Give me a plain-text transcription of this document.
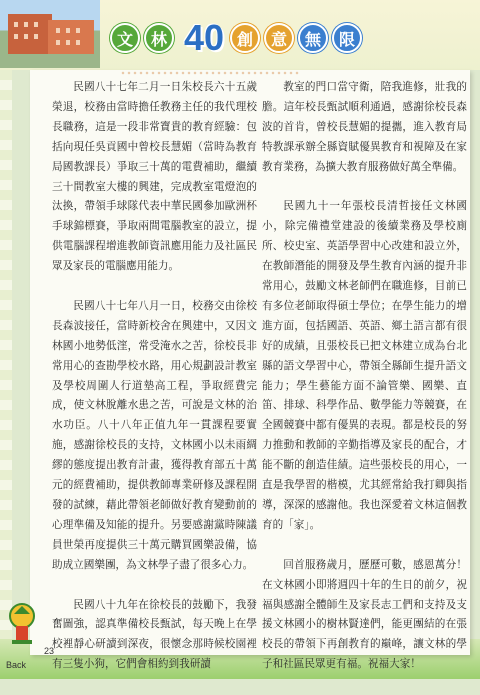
文	林 40 創	意	無	限

民國八十七年二月一日朱校長六十五歲榮退，校務由當時擔任教務主任的我代理校長職務，這是一段非常寶貴的教育經驗：包括向現任吳貢國中曾校長慧媚（當時為教育局國教課長）爭取三十萬的電費補助，繼續三十間教室大樓的興建，完成教室電燈泡的汰換，帶領手球隊代表中華民國參加歐洲杯手球錦標賽，爭取兩間電腦教室的設立，提供電腦課程增進教師資訊應用能力及社區民眾及家長的電腦應用能力。

民國八十七年八月一日，校務交由徐校長森波接任，當時新校舍在興建中，又因文林國小地勢低漥，常受淹水之苦，徐校長非常用心的查勘學校水路，用心規劃設計教室及學校周圍人行道墊高工程，爭取經費完成，使文林脫離水患之苦，可說是文林的治水功臣。八十八年正值九年一貫課程要實施，感謝徐校長的支持，文林國小以未雨綢繆的態度提出教育計畫，獲得教育部五十萬元的經費補助，提供教師專業研修及課程開發的試練，藉此帶領老師做好教育變動前的心理準備及知能的提升。另要感謝黨時陳議員世榮再度提供三十萬元購買國樂設備，協助成立國樂團，為文林學子盡了很多心力。

民國八十九年在徐校長的鼓勵下，我發奮圖強，認真準備校長甄試，每天晚上在學校裡靜心研讀到深夜，很懷念那時候校園裡有三隻小狗，它們會相約到我研讀

教室的門口當守衛，陪我進修，壯我的膽。這年校長甄試順利通過，感謝徐校長森波的首肯，曾校長慧媚的提攜，進入教育局特教課承辦全縣資賦優異教育和視障及在家教育業務，為擴大教育服務做好萬全準備。

民國九十一年張校長清哲接任文林國小，除完備禮堂建設的後續業務及學校廁所、校史室、英語學習中心改建和設立外，在教師潛能的開發及學生教育內涵的提升非常用心，鼓勵文林老師們在職進修，目前已有多位老師取得碩士學位；在學生能力的增進方面，包括國語、英語、鄉土語言都有很好的成績，且張校長已把文林建立成為台北縣的語文學習中心，帶領全縣師生提升語文能力；學生藝能方面不論管樂、國樂、直笛、排球、科學作品、數學能力等競賽，在全國競賽中都有優異的表現。都是校長的努力推動和教師的辛勤指導及家長的配合，才能不斷的創造佳績。這些張校長的用心，一直是我學習的楷模，尤其經常給我打卿與指導，深深的感謝他。我也深愛着文林這個教育的「家」。

回首服務歲月，歷歷可數，感恩萬分！在文林國小即將週四十年的生日的前夕，祝福與感謝全體師生及家長志工們和支持及支援文林國小的樹林賢達們，能更團結的在張校長的帶領下再創教育的巔峰，讓文林的學子和社區民眾更有福。祝福大家！

23
Back
